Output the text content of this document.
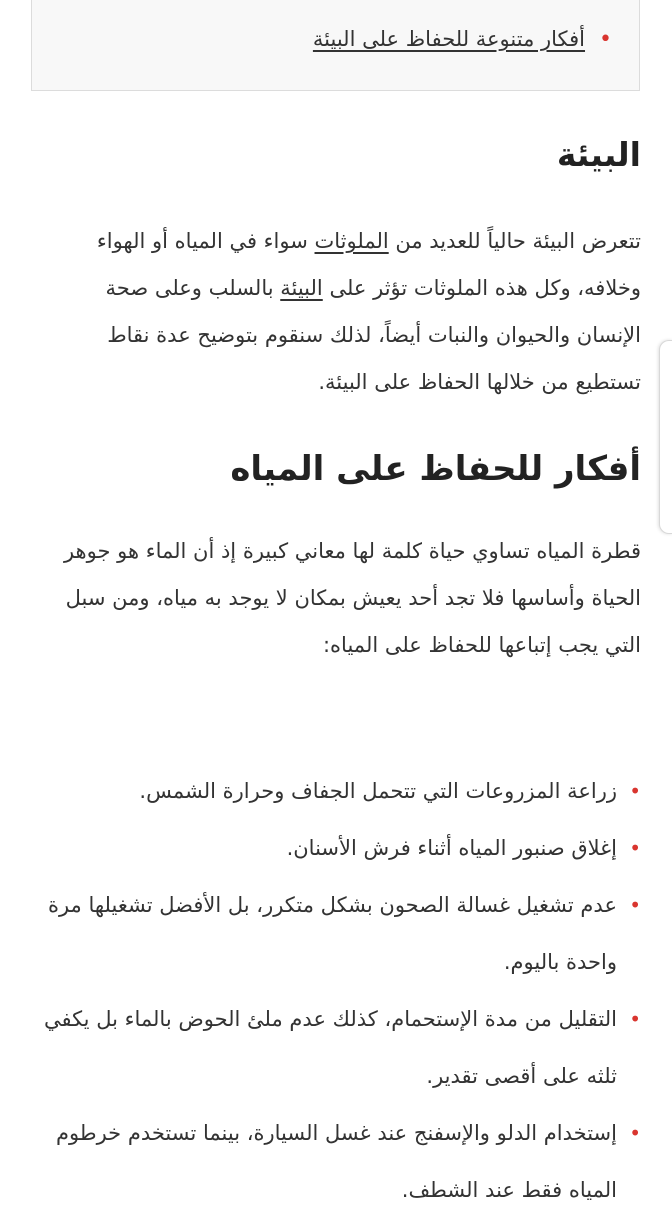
•أفكار متنوعة للحفاظ على البيئة
البيئة

تتعرض البيئة حالياً للعديد من الملوثات سواء في المياه أو الهواء وخلافه، وكل هذه الملوثات تؤثر على البيئة بالسلب وعلى صحة الإنسان والحيوان والنبات أيضاً، لذلك سنقوم بتوضيح عدة نقاط تستطيع من خلالها الحفاظ على البيئة.

أفكار للحفاظ على المياه

قطرة المياه تساوي حياة كلمة لها معاني كبيرة إذ أن الماء هو جوهر الحياة وأساسها فلا تجد أحد يعيش بمكان لا يوجد به مياه، ومن سبل التي يجب إتباعها للحفاظ على المياه:

•
زراعة المزروعات التي تتحمل الجفاف وحرارة الشمس.
•
إغلاق صنبور المياه أثناء فرش الأسنان.
•
عدم تشغيل غسالة الصحون بشكل متكرر، بل الأفضل تشغيلها مرة واحدة باليوم.
•
التقليل من مدة الإستحمام، كذلك عدم ملئ الحوض بالماء بل يكفي ثلثه على أقصى تقدير.
•
إستخدام الدلو والإسفنج عند غسل السيارة، بينما تستخدم خرطوم المياه فقط عند الشطف.
